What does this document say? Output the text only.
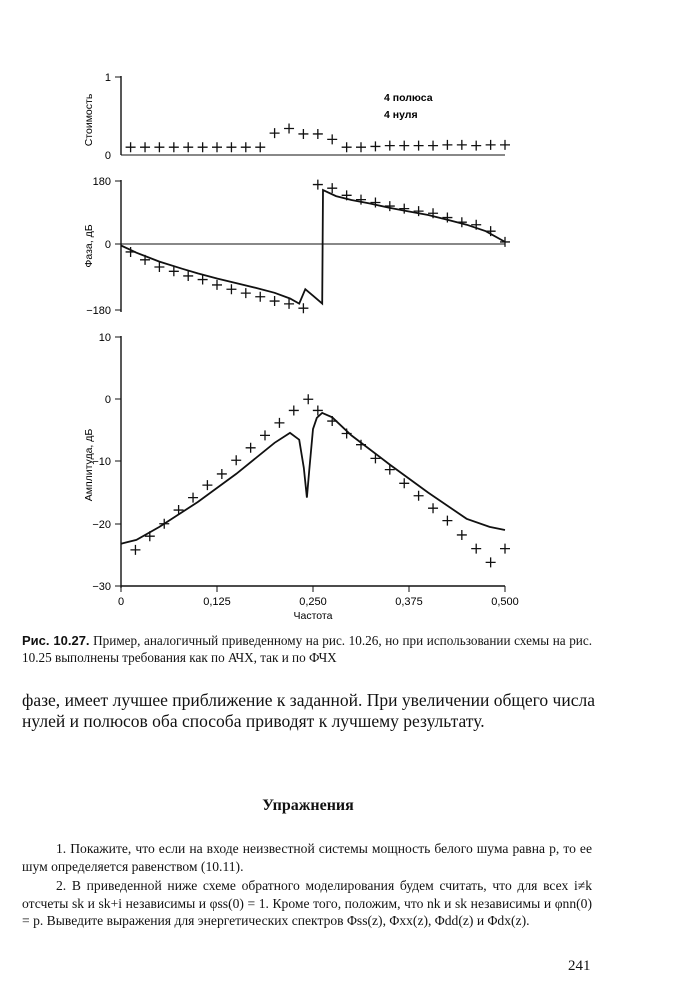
1
0
Стоимость	4 полюса
4 нуля
180
0
−180
Фаза, дБ
10
0
−10
−20
−30
0	0,125	0,250	0,375	0,500
Частота
Амплитуда, дБ
Рис. 10.27. Пример, аналогичный приведенному на рис. 10.26, но при использовании схемы на рис. 10.25 выполнены требования как по АЧХ, так и по ФЧХ
фазе, имеет лучшее приближение к заданной. При увеличении общего числа нулей и полюсов оба способа приводят к лучшему результату.
Упражнения

1. Покажите, что если на входе неизвестной системы мощность белого шума равна p, то ее шум определяется равенством (10.11).

2. В приведенной ниже схеме обратного моделирования будем считать, что для всех i≠k отсчеты sk и sk+i независимы и φss(0) = 1. Кроме того, положим, что nk и sk независимы и φnn(0) = p. Выведите выражения для энергетических спектров Φss(z), Φxx(z), Φdd(z) и Φdx(z).

241
